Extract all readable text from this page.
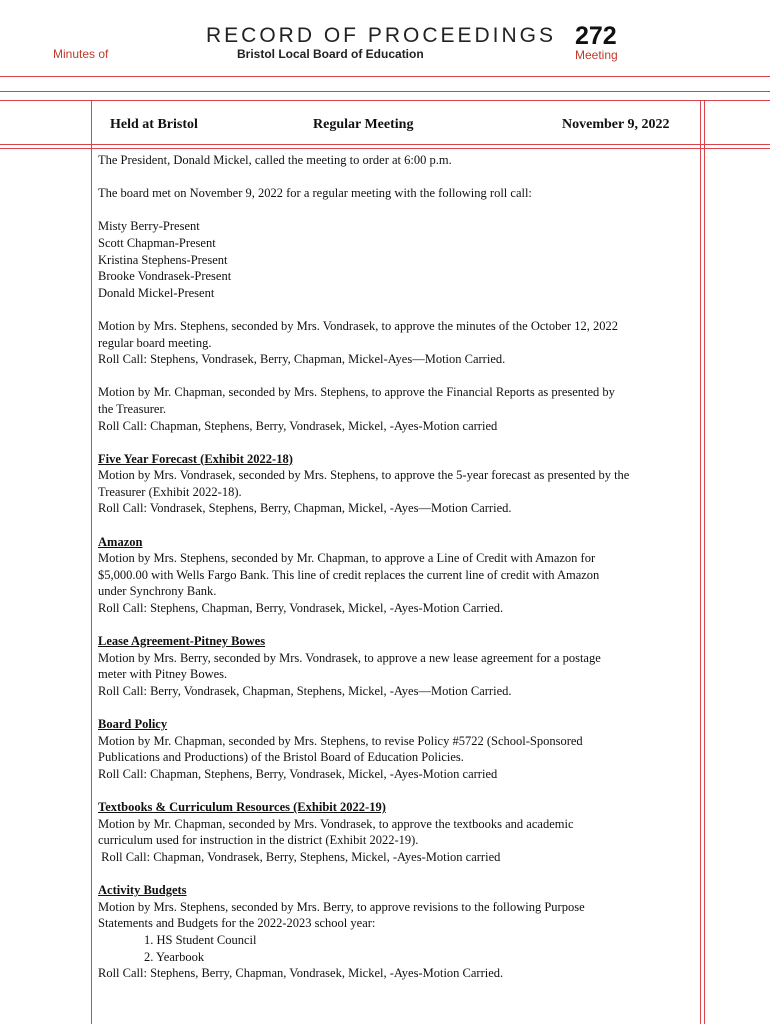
RECORD OF PROCEEDINGS 272
Minutes of	Bristol Local Board of Education	Meeting
Held at Bristol	Regular Meeting	November 9, 2022

The President, Donald Mickel, called the meeting to order at 6:00 p.m.

The board met on November 9, 2022 for a regular meeting with the following roll call:

Misty Berry-Present
Scott Chapman-Present
Kristina Stephens-Present
Brooke Vondrasek-Present
Donald Mickel-Present

Motion by Mrs. Stephens, seconded by Mrs. Vondrasek, to approve the minutes of the October 12, 2022
regular board meeting.
Roll Call: Stephens, Vondrasek, Berry, Chapman, Mickel-Ayes—Motion Carried.

Motion by Mr. Chapman, seconded by Mrs. Stephens, to approve the Financial Reports as presented by
the Treasurer.
Roll Call: Chapman, Stephens, Berry, Vondrasek, Mickel, -Ayes-Motion carried

Five Year Forecast (Exhibit 2022-18)
Motion by Mrs. Vondrasek, seconded by Mrs. Stephens, to approve the 5-year forecast as presented by the
Treasurer (Exhibit 2022-18).
Roll Call: Vondrasek, Stephens, Berry, Chapman, Mickel, -Ayes—Motion Carried.

Amazon
Motion by Mrs. Stephens, seconded by Mr. Chapman, to approve a Line of Credit with Amazon for
$5,000.00 with Wells Fargo Bank. This line of credit replaces the current line of credit with Amazon
under Synchrony Bank.
Roll Call: Stephens, Chapman, Berry, Vondrasek, Mickel, -Ayes-Motion Carried.

Lease Agreement-Pitney Bowes
Motion by Mrs. Berry, seconded by Mrs. Vondrasek, to approve a new lease agreement for a postage
meter with Pitney Bowes.
Roll Call: Berry, Vondrasek, Chapman, Stephens, Mickel, -Ayes—Motion Carried.

Board Policy
Motion by Mr. Chapman, seconded by Mrs. Stephens, to revise Policy #5722 (School-Sponsored
Publications and Productions) of the Bristol Board of Education Policies.
Roll Call: Chapman, Stephens, Berry, Vondrasek, Mickel, -Ayes-Motion carried

Textbooks & Curriculum Resources (Exhibit 2022-19)
Motion by Mr. Chapman, seconded by Mrs. Vondrasek, to approve the textbooks and academic
curriculum used for instruction in the district (Exhibit 2022-19).
Roll Call: Chapman, Vondrasek, Berry, Stephens, Mickel, -Ayes-Motion carried

Activity Budgets
Motion by Mrs. Stephens, seconded by Mrs. Berry, to approve revisions to the following Purpose
Statements and Budgets for the 2022-2023 school year:
1. HS Student Council
2. Yearbook
Roll Call: Stephens, Berry, Chapman, Vondrasek, Mickel, -Ayes-Motion Carried.
